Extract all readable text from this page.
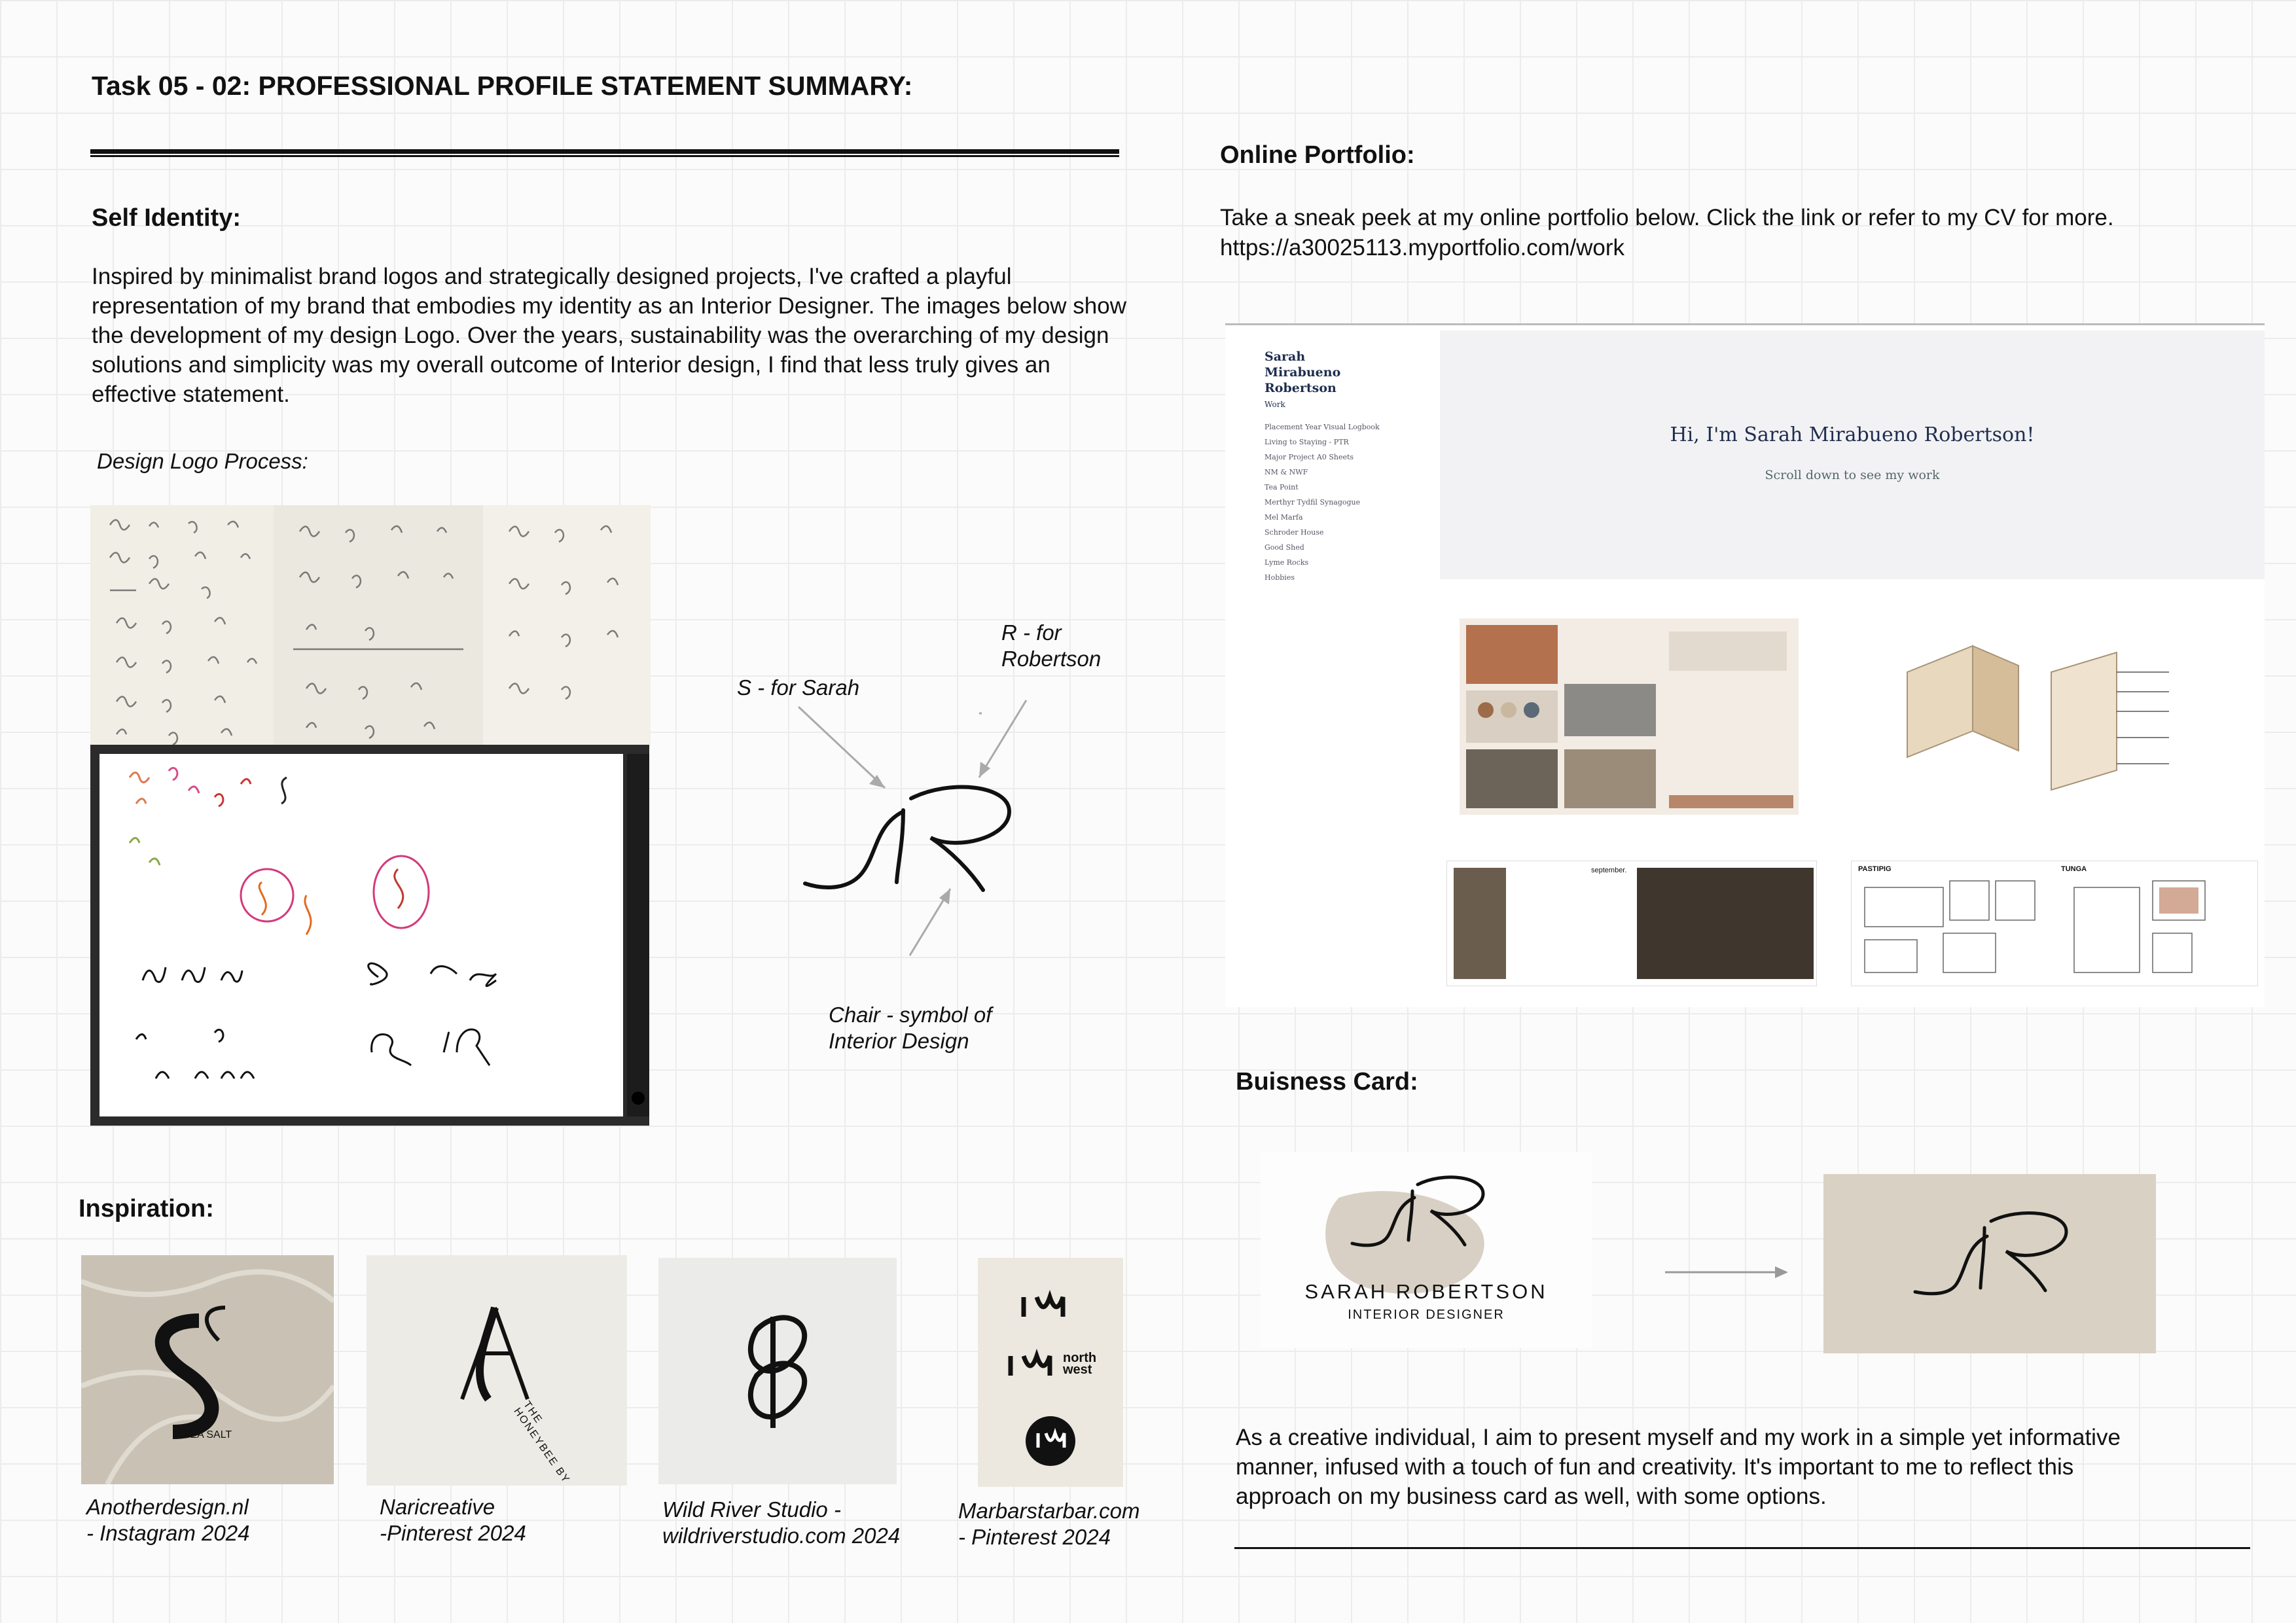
Task 05 - 02: PROFESSIONAL PROFILE STATEMENT SUMMARY:
Self Identity:
Inspired by minimalist brand logos and strategically designed projects, I've crafted a playful representation of my brand that embodies my identity as an Interior Designer. The images below show the development of my design Logo. Over the years, sustainability was the overarching of my design solutions and simplicity was my overall outcome of Interior design, I find that less truly gives an effective statement.
Design Logo Process:
S - for Sarah
R - for
Robertson
Chair - symbol of
Interior Design
Inspiration:
SEA SALT
THE HONEYBEE BY
north
west
Anotherdesign.nl
- Instagram 2024
Naricreative
-Pinterest 2024
Wild River Studio -
wildriverstudio.com 2024
Marbarstarbar.com
- Pinterest 2024
Online Portfolio:
Take a sneak peek at my online portfolio below. Click the link or refer to my CV for more.
https://a30025113.myportfolio.com/work
Sarah Mirabueno Robertson
Work
Placement Year Visual Logbook
Living to Staying - PTR
Major Project A0 Sheets
NM & NWF
Tea Point
Merthyr Tydfil Synagogue
Mel Marfa
Schroder House
Good Shed
Lyme Rocks
Hobbies
Hi, I'm Sarah Mirabueno Robertson!
Scroll down to see my work
september.	PASTIPIG	TUNGA
Buisness Card:
SARAH ROBERTSON
INTERIOR DESIGNER
As a creative individual, I aim to present myself and my work in a simple yet informative manner, infused with a touch of fun and creativity. It's important to me to reflect this approach on my business card as well, with some options.
